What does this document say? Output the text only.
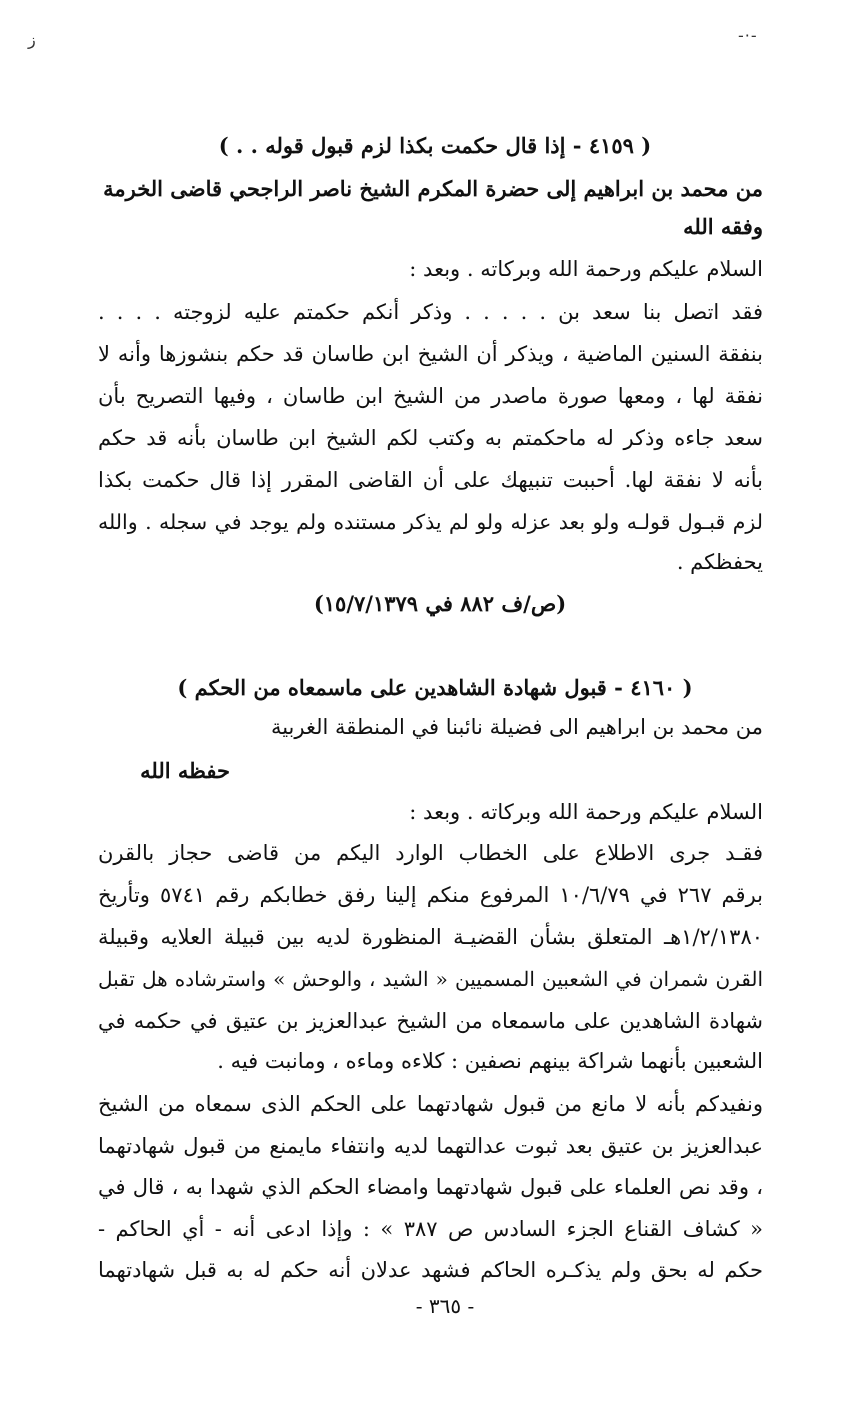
ز	-·-
( ٤١٥٩ - إذا قال حكمت بكذا لزم قبول قوله . . )
من محمد بن ابراهيم إلى حضرة المكرم الشيخ ناصر الراجحي قاضى الخرمة
وفقه الله
السلام عليكم ورحمة الله وبركاته . وبعد :
فقد اتصل بنا سعد بن . . . . . وذكر أنكم حكمتم عليه لزوجته . . . .
بنفقة السنين الماضية ، ويذكر أن الشيخ ابن طاسان قد حكم بنشوزها وأنه لا
نفقة لها ، ومعها صورة ماصدر من الشيخ ابن طاسان ، وفيها التصريح بأن
سعد جاءه وذكر له ماحكمتم به وكتب لكم الشيخ ابن طاسان بأنه قد حكم
بأنه لا نفقة لها. أحببت تنبيهك على أن القاضى المقرر إذا قال حكمت بكذا
لزم قبـول قولـه ولو بعد عزله ولو لم يذكر مستنده ولم يوجد في سجله . والله
يحفظكم .
(ص/ف ٨٨٢ في ١٥/٧/١٣٧٩)
( ٤١٦٠ - قبول شهادة الشاهدين على ماسمعاه من الحكم )
من محمد بن ابراهيم الى فضيلة نائبنا في المنطقة الغربية
حفظه الله
السلام عليكم ورحمة الله وبركاته . وبعد :
فقـد جرى الاطلاع على الخطاب الوارد اليكم من قاضى حجاز بالقرن
برقم ٢٦٧ في ١٠/٦/٧٩ المرفوع منكم إلينا رفق خطابكم رقم ٥٧٤١ وتأريخ
١/٢/١٣٨٠هـ المتعلق بشأن القضيـة المنظورة لديه بين قبيلة العلايه وقبيلة
القرن شمران في الشعبين المسميين « الشيد ، والوحش » واسترشاده هل تقبل
شهادة الشاهدين على ماسمعاه من الشيخ عبدالعزيز بن عتيق في حكمه في
الشعبين بأنهما شراكة بينهم نصفين : كلاءه وماءه ، ومانبت فيه .
ونفيدكم بأنه لا مانع من قبول شهادتهما على الحكم الذى سمعاه من الشيخ
عبدالعزيز بن عتيق بعد ثبوت عدالتهما لديه وانتفاء مايمنع من قبول شهادتهما
، وقد نص العلماء على قبول شهادتهما وامضاء الحكم الذي شهدا به ، قال في
« كشاف القناع الجزء السادس ص ٣٨٧ » : وإذا ادعى أنه - أي الحاكم -
حكم له بحق ولم يذكـره الحاكم فشهد عدلان أنه حكم له به قبل شهادتهما
- ٣٦٥ -
